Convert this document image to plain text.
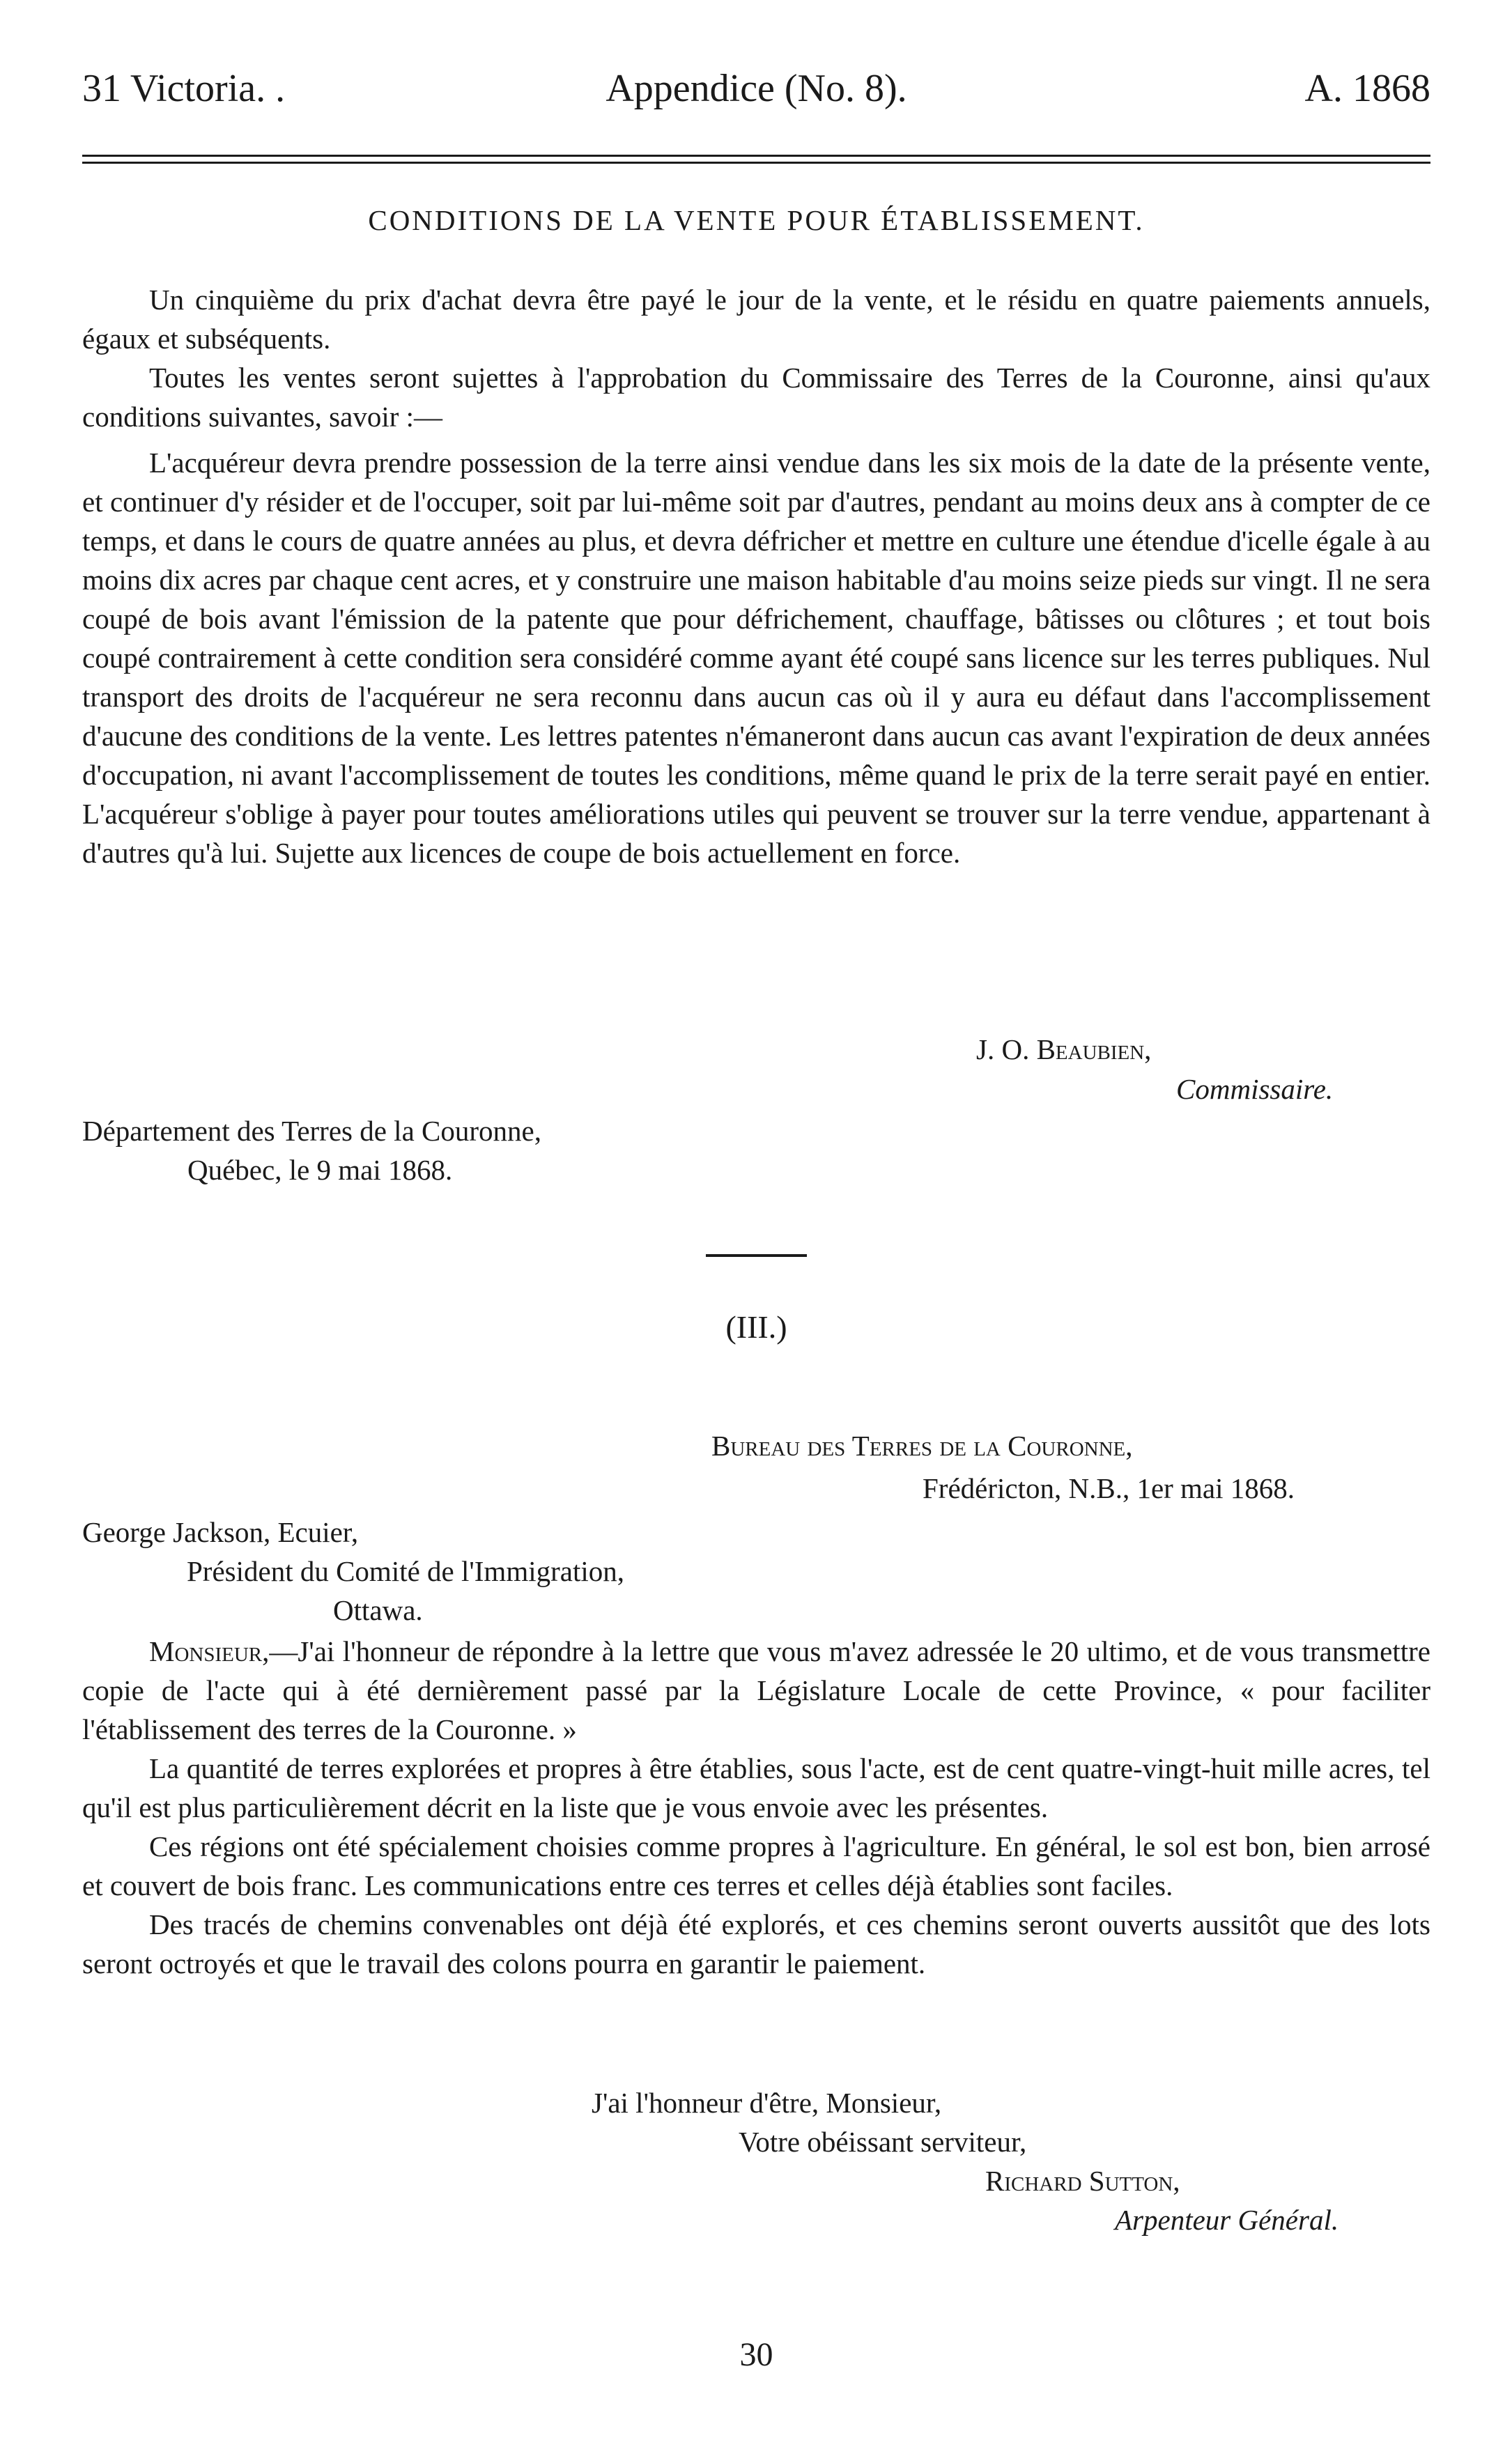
31 Victoria. .	Appendice (No. 8).	A. 1868
CONDITIONS DE LA VENTE POUR ÉTABLISSEMENT.

Un cinquième du prix d'achat devra être payé le jour de la vente, et le résidu en quatre paiements annuels, égaux et subséquents.

Toutes les ventes seront sujettes à l'approbation du Commissaire des Terres de la Couronne, ainsi qu'aux conditions suivantes, savoir :—

L'acquéreur devra prendre possession de la terre ainsi vendue dans les six mois de la date de la présente vente, et continuer d'y résider et de l'occuper, soit par lui-même soit par d'autres, pendant au moins deux ans à compter de ce temps, et dans le cours de quatre années au plus, et devra défricher et mettre en culture une étendue d'icelle égale à au moins dix acres par chaque cent acres, et y construire une maison habitable d'au moins seize pieds sur vingt. Il ne sera coupé de bois avant l'émission de la patente que pour défrichement, chauffage, bâtisses ou clôtures ; et tout bois coupé contrairement à cette condition sera considéré comme ayant été coupé sans licence sur les terres publiques. Nul transport des droits de l'acquéreur ne sera reconnu dans aucun cas où il y aura eu défaut dans l'accomplissement d'aucune des conditions de la vente. Les lettres patentes n'émaneront dans aucun cas avant l'expiration de deux années d'occupation, ni avant l'accomplissement de toutes les conditions, même quand le prix de la terre serait payé en entier. L'acquéreur s'oblige à payer pour toutes améliorations utiles qui peuvent se trouver sur la terre vendue, appartenant à d'autres qu'à lui. Sujette aux licences de coupe de bois actuellement en force.

J. O. Beaubien,
Commissaire.
Département des Terres de la Couronne,
Québec, le 9 mai 1868.
(III.)
Bureau des Terres de la Couronne,
Frédéricton, N.B., 1er mai 1868.
George Jackson, Ecuier,
Président du Comité de l'Immigration,
Ottawa.

Monsieur,—J'ai l'honneur de répondre à la lettre que vous m'avez adressée le 20 ultimo, et de vous transmettre copie de l'acte qui à été dernièrement passé par la Législature Locale de cette Province, « pour faciliter l'établissement des terres de la Couronne. »

La quantité de terres explorées et propres à être établies, sous l'acte, est de cent quatre-vingt-huit mille acres, tel qu'il est plus particulièrement décrit en la liste que je vous envoie avec les présentes.

Ces régions ont été spécialement choisies comme propres à l'agriculture. En général, le sol est bon, bien arrosé et couvert de bois franc. Les communications entre ces terres et celles déjà établies sont faciles.

Des tracés de chemins convenables ont déjà été explorés, et ces chemins seront ouverts aussitôt que des lots seront octroyés et que le travail des colons pourra en garantir le paiement.

J'ai l'honneur d'être, Monsieur,
Votre obéissant serviteur,
Richard Sutton,
Arpenteur Général.
30
